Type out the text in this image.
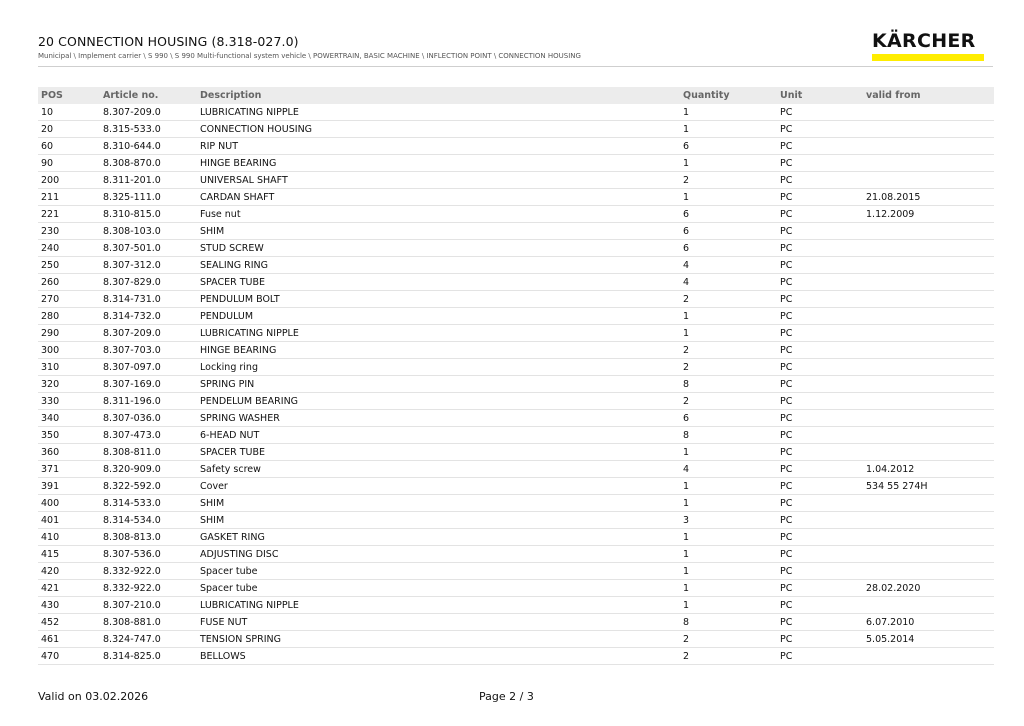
20 CONNECTION HOUSING (8.318-027.0)
Municipal \ Implement carrier \ S 990 \ S 990 Multi-functional system vehicle \ POWERTRAIN, BASIC MACHINE \ INFLECTION POINT \ CONNECTION HOUSING
KÄRCHER
POS	Article no.	Description	Quantity	Unit	valid from
10	8.307-209.0	LUBRICATING NIPPLE	1	PC	
20	8.315-533.0	CONNECTION HOUSING	1	PC	
60	8.310-644.0	RIP NUT	6	PC	
90	8.308-870.0	HINGE BEARING	1	PC	
200	8.311-201.0	UNIVERSAL SHAFT	2	PC	
211	8.325-111.0	CARDAN SHAFT	1	PC	21.08.2015
221	8.310-815.0	Fuse nut	6	PC	1.12.2009
230	8.308-103.0	SHIM	6	PC	
240	8.307-501.0	STUD SCREW	6	PC	
250	8.307-312.0	SEALING RING	4	PC	
260	8.307-829.0	SPACER TUBE	4	PC	
270	8.314-731.0	PENDULUM BOLT	2	PC	
280	8.314-732.0	PENDULUM	1	PC	
290	8.307-209.0	LUBRICATING NIPPLE	1	PC	
300	8.307-703.0	HINGE BEARING	2	PC	
310	8.307-097.0	Locking ring	2	PC	
320	8.307-169.0	SPRING PIN	8	PC	
330	8.311-196.0	PENDELUM BEARING	2	PC	
340	8.307-036.0	SPRING WASHER	6	PC	
350	8.307-473.0	6-HEAD NUT	8	PC	
360	8.308-811.0	SPACER TUBE	1	PC	
371	8.320-909.0	Safety screw	4	PC	1.04.2012
391	8.322-592.0	Cover	1	PC	534 55 274H
400	8.314-533.0	SHIM	1	PC	
401	8.314-534.0	SHIM	3	PC	
410	8.308-813.0	GASKET RING	1	PC	
415	8.307-536.0	ADJUSTING DISC	1	PC	
420	8.332-922.0	Spacer tube	1	PC	
421	8.332-922.0	Spacer tube	1	PC	28.02.2020
430	8.307-210.0	LUBRICATING NIPPLE	1	PC	
452	8.308-881.0	FUSE NUT	8	PC	6.07.2010
461	8.324-747.0	TENSION SPRING	2	PC	5.05.2014
470	8.314-825.0	BELLOWS	2	PC	
Valid on 03.02.2026	Page 2 / 3
